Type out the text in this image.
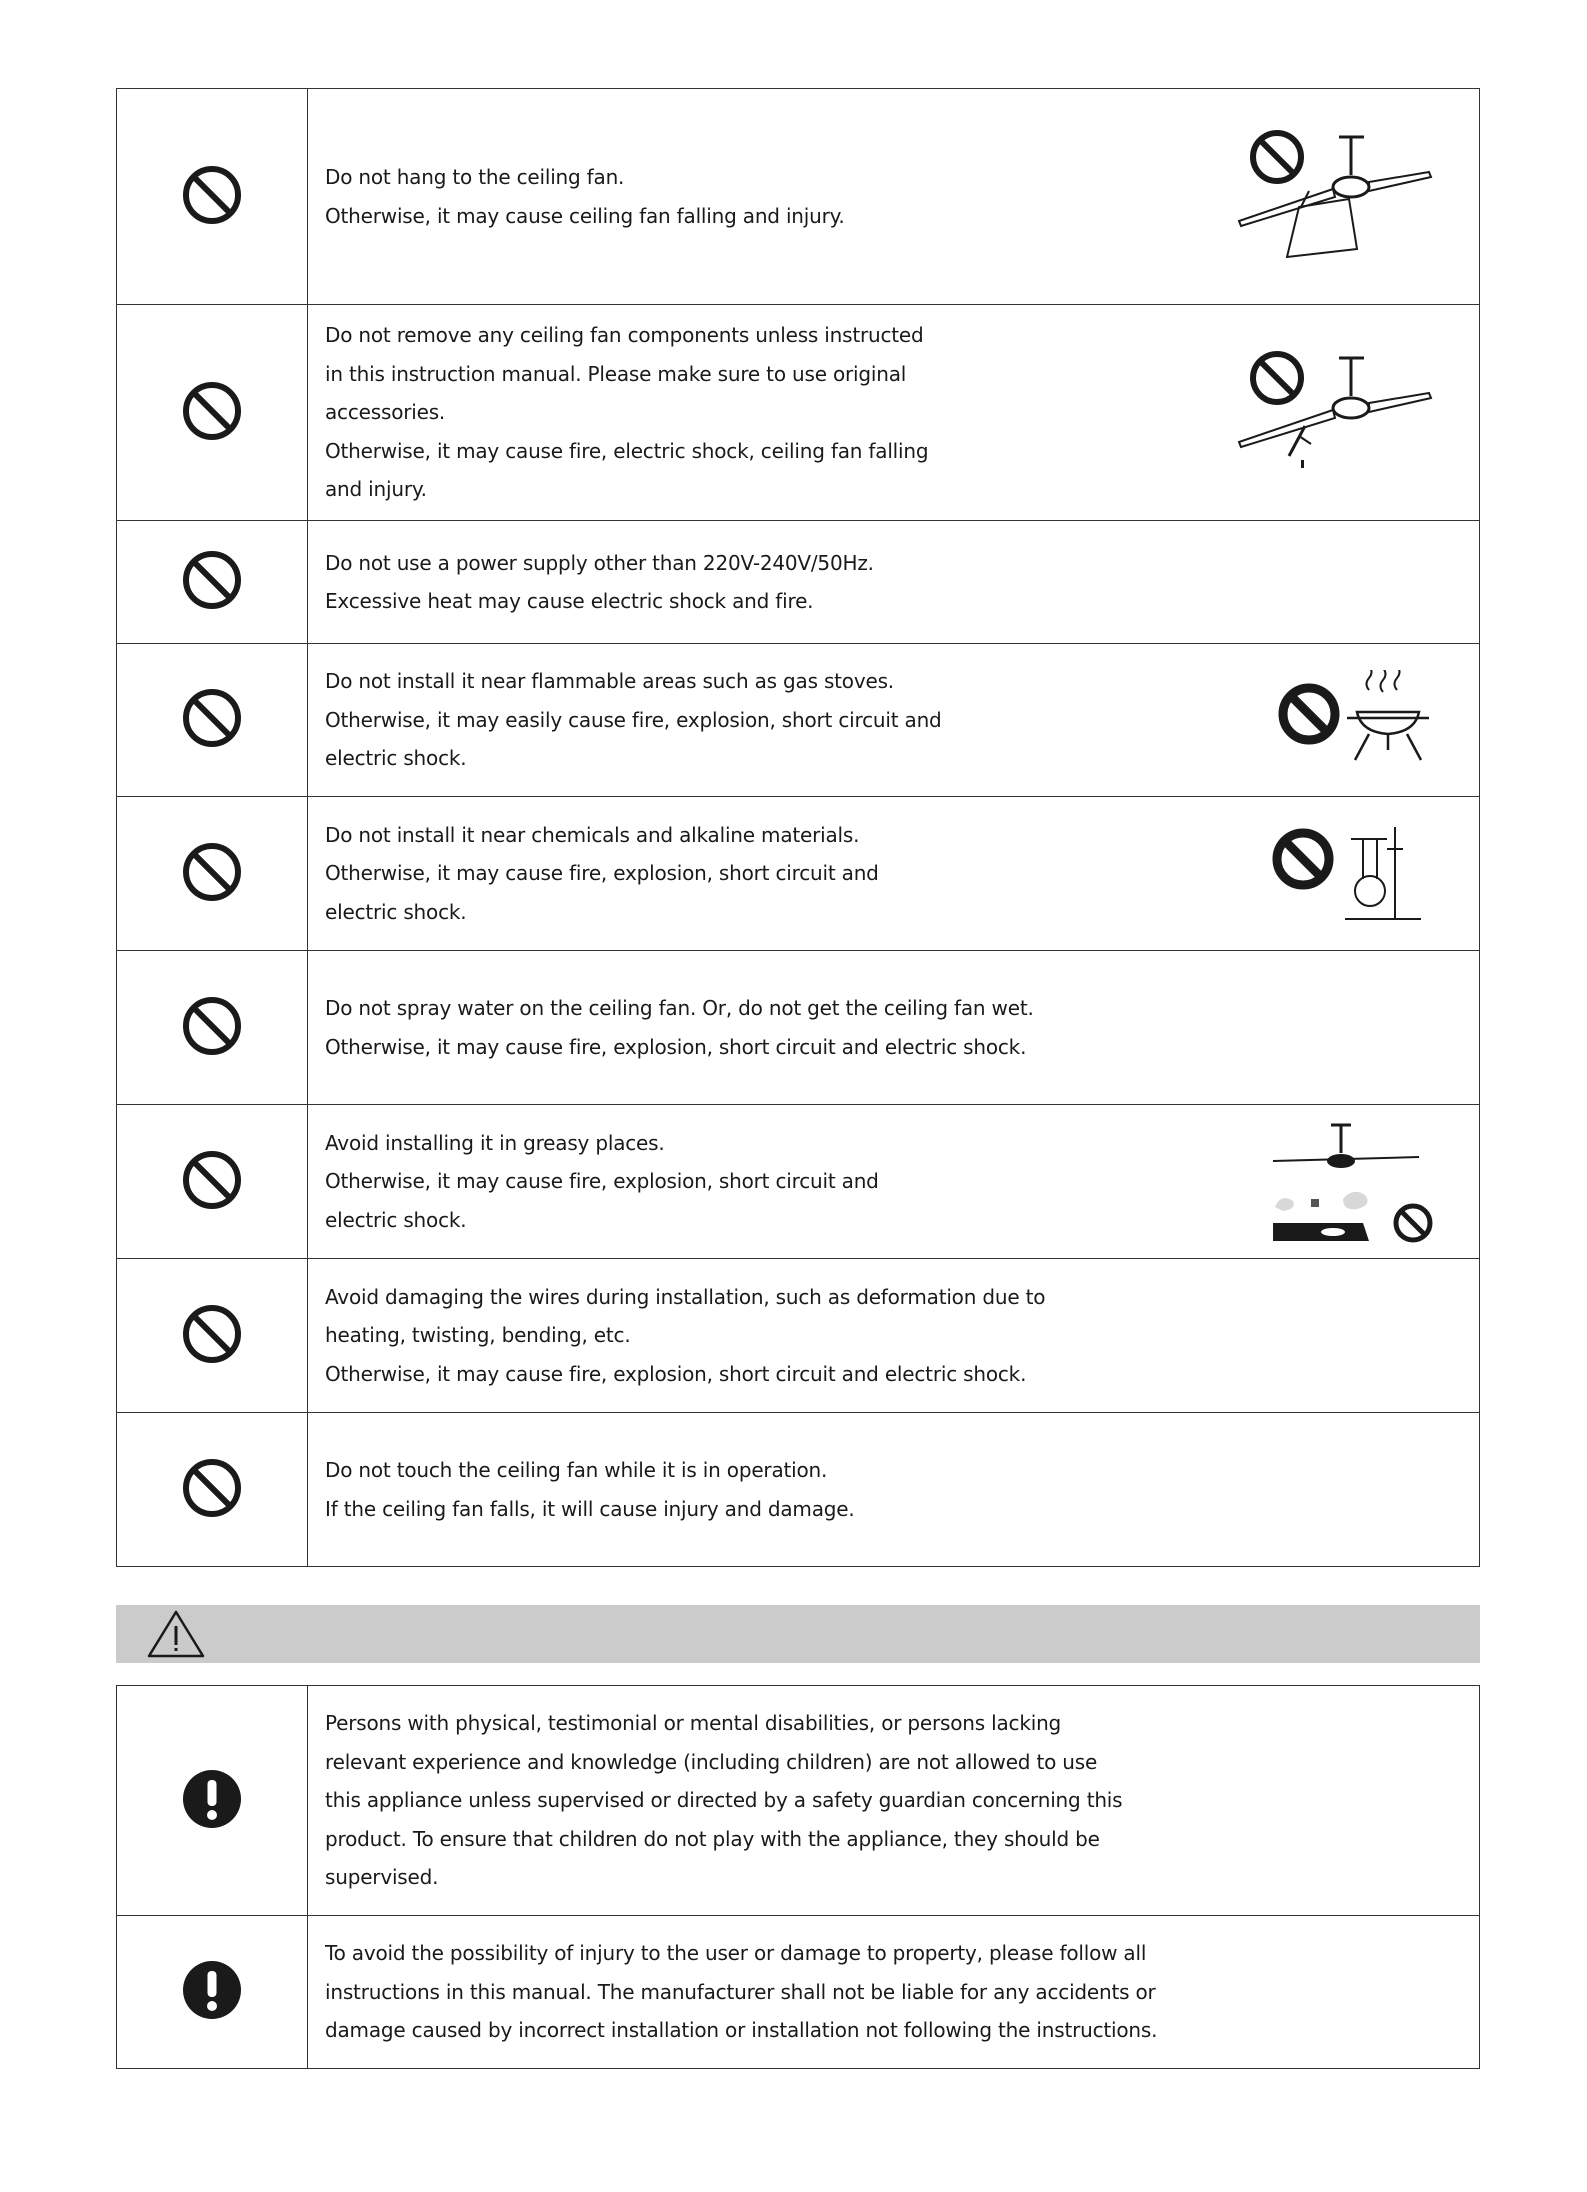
Do not hang to the ceiling fan.
Otherwise, it may cause ceiling fan falling and injury.

Do not remove any ceiling fan components unless instructed
in this instruction manual. Please make sure to use original
accessories.
Otherwise, it may cause fire, electric shock, ceiling fan falling
and injury.

Do not use a power supply other than 220V-240V/50Hz.
Excessive heat may cause electric shock and fire.

Do not install it near flammable areas such as gas stoves.
Otherwise, it may easily cause fire, explosion, short circuit and
electric shock.

Do not install it near chemicals and alkaline materials.
Otherwise, it may cause fire, explosion, short circuit and
electric shock.

Do not spray water on the ceiling fan. Or, do not get the ceiling fan wet.
Otherwise, it may cause fire, explosion, short circuit and electric shock.

Avoid installing it in greasy places.
Otherwise, it may cause fire, explosion, short circuit and
electric shock.

Avoid damaging the wires during installation, such as deformation due to
heating, twisting, bending, etc.
Otherwise, it may cause fire, explosion, short circuit and electric shock.

Do not touch the ceiling fan while it is in operation.
If the ceiling fan falls, it will cause injury and damage.

Persons with physical, testimonial or mental disabilities, or persons lacking
relevant experience and knowledge (including children) are not allowed to use
this appliance unless supervised or directed by a safety guardian concerning this
product. To ensure that children do not play with the appliance, they should be
supervised.

To avoid the possibility of injury to the user or damage to property, please follow all
instructions in this manual. The manufacturer shall not be liable for any accidents or
damage caused by incorrect installation or installation not following the instructions.
